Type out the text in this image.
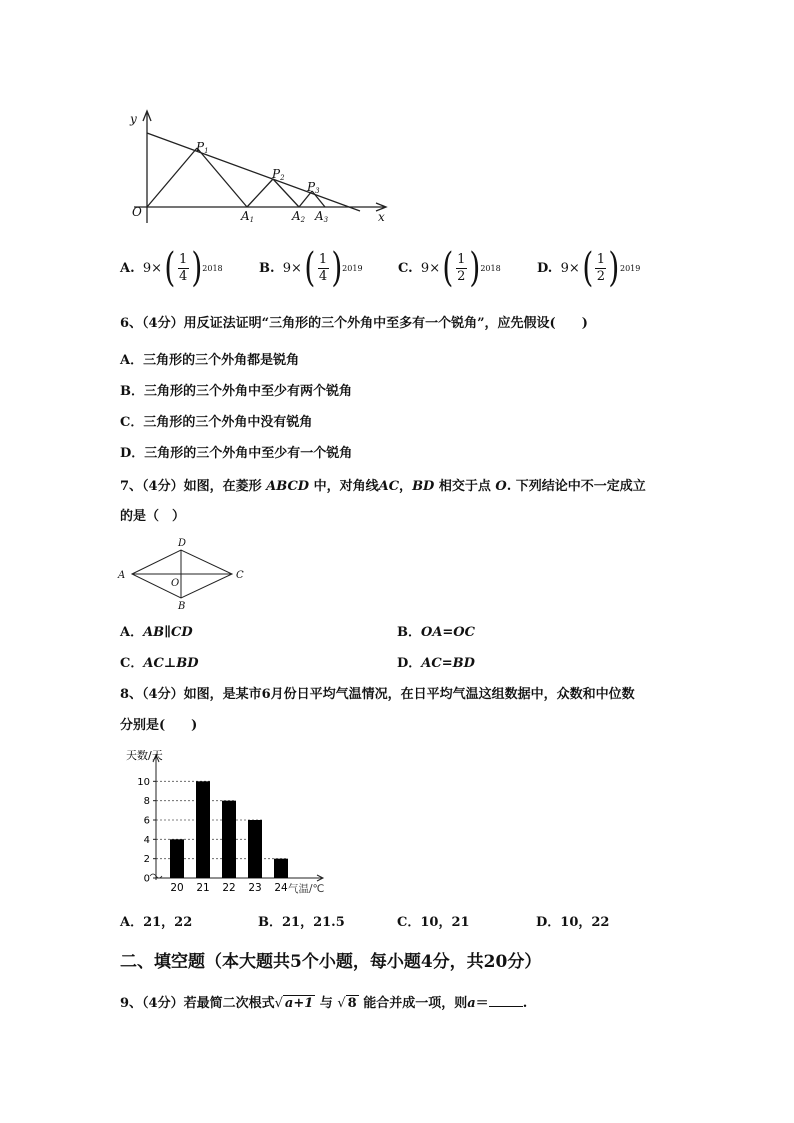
y
x
O
P1
P2
P3
A1	A2 A3
A.
9× ( $\frac{1}{4}$ ) 2018	B.
9× ( $\frac{1}{4}$ ) 2019	C.
9× ( $\frac{1}{2}$ ) 2018	D.
9× ( $\frac{1}{2}$ ) 2019
6、（4分）用反证法证明“三角形的三个外角中至多有一个锐角”，应先假设(　　)
A．三角形的三个外角都是锐角
B．三角形的三个外角中至少有两个锐角
C．三角形的三个外角中没有锐角
D．三角形的三个外角中至少有一个锐角
7、（4分）如图，在菱形 ABCD 中，对角线AC，BD 相交于点 O. 下列结论中不一定成立
的是（　）
D
A
O
C
B
A．AB∥CD	B．OA=OC
C．AC⊥BD	D．AC=BD
8、（4分）如图，是某市6月份日平均气温情况，在日平均气温这组数据中，众数和中位数
分别是(　　)
0
2
4
6
8
10
天数/天
20 21 22 23 24 气温/℃
A．21，22	B．21，21.5	C．10，21	D．10，22
二、填空题（本大题共5个小题，每小题4分，共20分）
9、（4分）若最简二次根式√ a+1 与 √ 8 能合并成一项，则a＝	.
